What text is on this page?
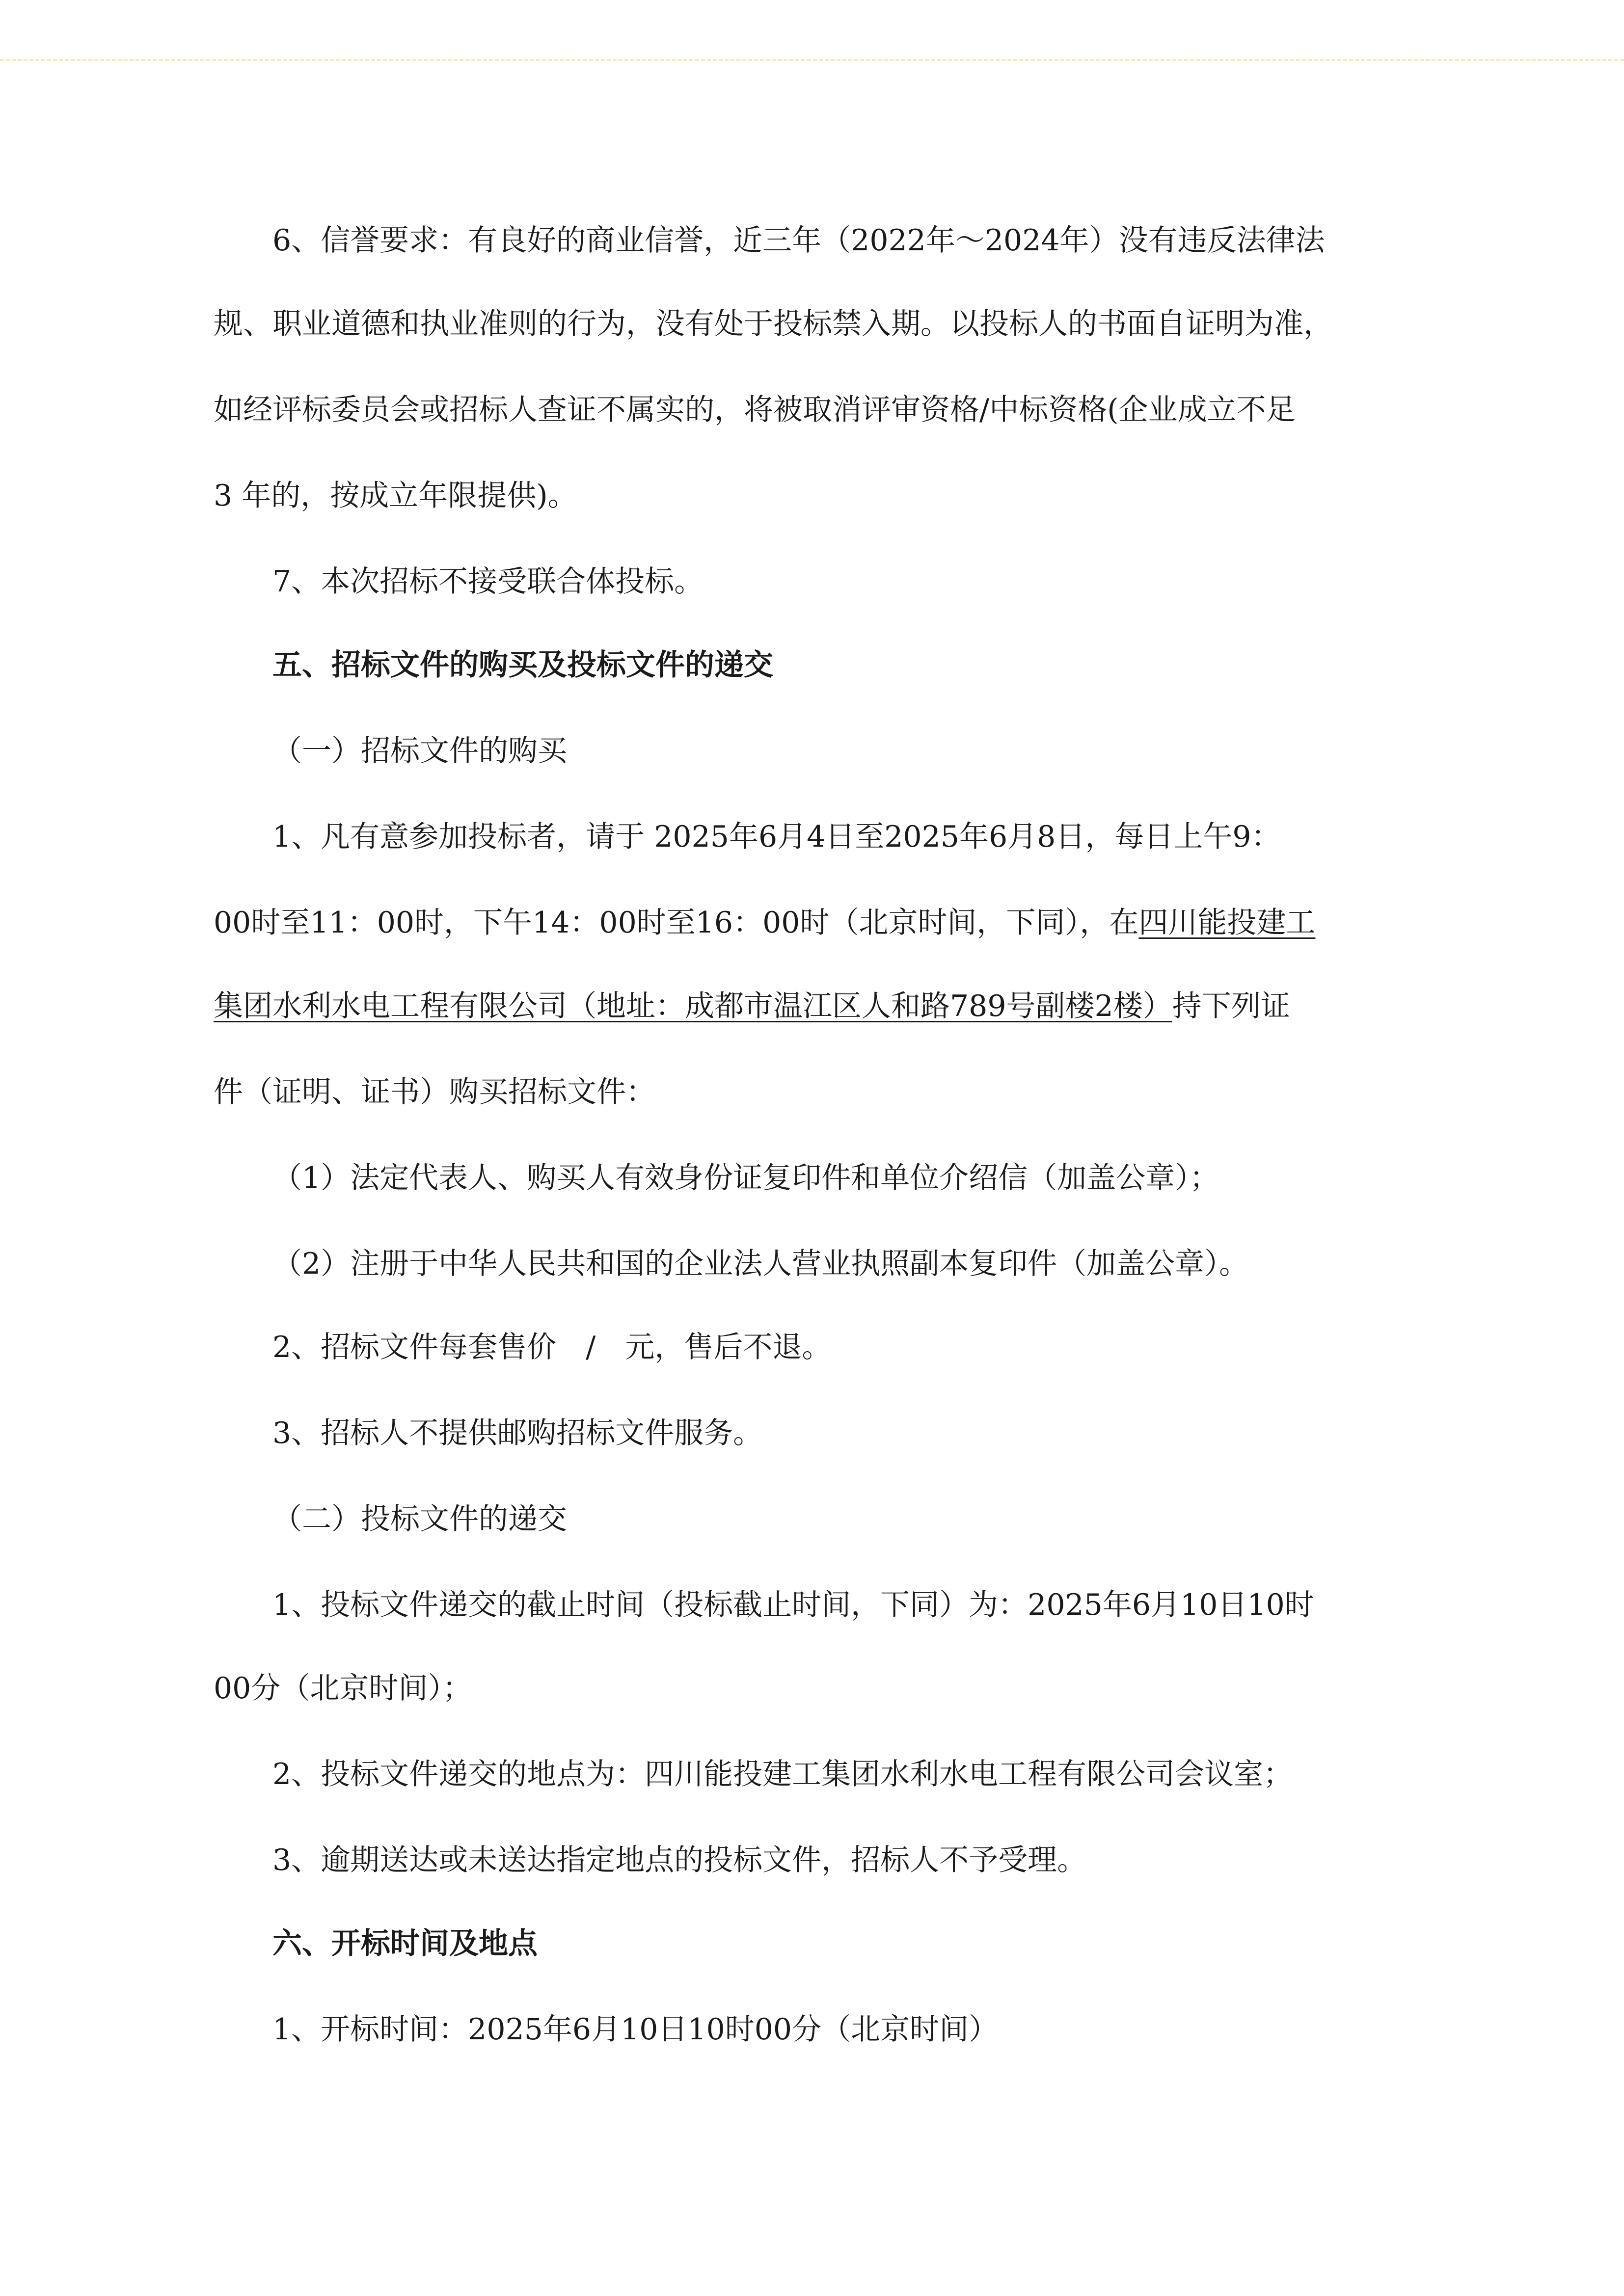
6、信誉要求：有良好的商业信誉，近三年（2022年～2024年）没有违反法律法

规、职业道德和执业准则的行为，没有处于投标禁入期。以投标人的书面自证明为准，

如经评标委员会或招标人查证不属实的，将被取消评审资格/中标资格(企业成立不足

3 年的，按成立年限提供)。

7、本次招标不接受联合体投标。

五、招标文件的购买及投标文件的递交

（一）招标文件的购买

1、凡有意参加投标者，请于 2025年6月4日至2025年6月8日，每日上午9：

00时至11：00时，下午14：00时至16：00时（北京时间，下同），在四川能投建工

集团水利水电工程有限公司（地址：成都市温江区人和路789号副楼2楼）持下列证

件（证明、证书）购买招标文件：

（1）法定代表人、购买人有效身份证复印件和单位介绍信（加盖公章）；

（2）注册于中华人民共和国的企业法人营业执照副本复印件（加盖公章）。

2、招标文件每套售价　/　元，售后不退。

3、招标人不提供邮购招标文件服务。

（二）投标文件的递交

1、投标文件递交的截止时间（投标截止时间，下同）为：2025年6月10日10时

00分（北京时间）；

2、投标文件递交的地点为：四川能投建工集团水利水电工程有限公司会议室；

3、逾期送达或未送达指定地点的投标文件，招标人不予受理。

六、开标时间及地点

1、开标时间：2025年6月10日10时00分（北京时间）
